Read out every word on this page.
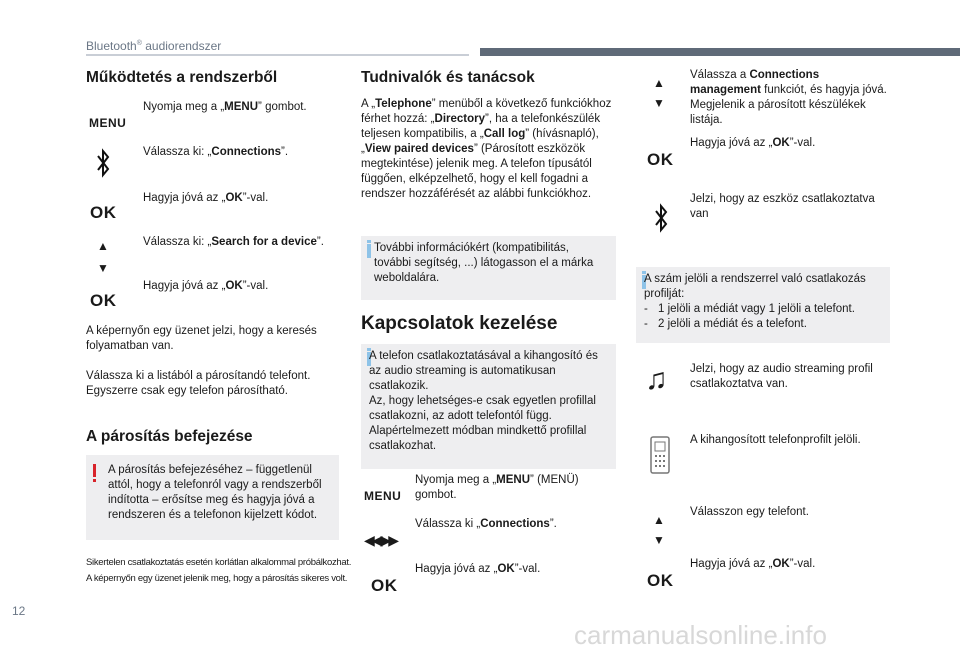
Bluetooth® audiorendszer
Működtetés a rendszerből
MENU
Nyomja meg a „MENU” gombot.
Válassza ki: „Connections”.
OK
Hagyja jóvá az „OK”-val.
▲
▼
Válassza ki: „Search for a device”.
OK
Hagyja jóvá az „OK”-val.
A képernyőn egy üzenet jelzi, hogy a keresés folyamatban van.
Válassza ki a listából a párosítandó telefont. Egyszerre csak egy telefon párosítható.
A párosítás befejezése
A párosítás befejezéséhez – függetlenül attól, hogy a telefonról vagy a rendszerből indította – erősítse meg és hagyja jóvá a rendszeren és a telefonon kijelzett kódot.
Sikertelen csatlakoztatás esetén korlátlan alkalommal próbálkozhat.
A képernyőn egy üzenet jelenik meg, hogy a párosítás sikeres volt.
Tudnivalók és tanácsok
A „Telephone” menüből a következő funkciókhoz férhet hozzá: „Directory”, ha a telefonkészülék teljesen kompatibilis, a „Call log” (hívásnapló), „View paired devices” (Párosított eszközök megtekintése) jelenik meg. A telefon típusától függően, elképzelhető, hogy el kell fogadni a rendszer hozzáférését az alábbi funkciókhoz.
További információkért (kompatibilitás, további segítség, ...) látogasson el a márka weboldalára.
Kapcsolatok kezelése
A telefon csatlakoztatásával a kihangosító és az audio streaming is automatikusan csatlakozik.
Az, hogy lehetséges-e csak egyetlen profillal csatlakozni, az adott telefontól függ. Alapértelmezett módban mindkettő profillal csatlakozhat.
MENU
Nyomja meg a „MENU” (MENÜ) gombot.
◀◀ ▶▶
Válassza ki „Connections”.
OK
Hagyja jóvá az „OK”-val.
▲
▼
Válassza a Connections management funkciót, és hagyja jóvá. Megjelenik a párosított készülékek listája.
OK
Hagyja jóvá az „OK”-val.
Jelzi, hogy az eszköz csatlakoztatva van
A szám jelöli a rendszerrel való csatlakozás profilját:
- 1 jelöli a médiát vagy 1 jelöli a telefont.
- 2 jelöli a médiát és a telefont.
♫ Jelzi, hogy az audio streaming profil csatlakoztatva van.
A kihangosított telefonprofilt jelöli.
▲
▼
Válasszon egy telefont.
OK
Hagyja jóvá az „OK”-val.
12
carmanualsonline.info
